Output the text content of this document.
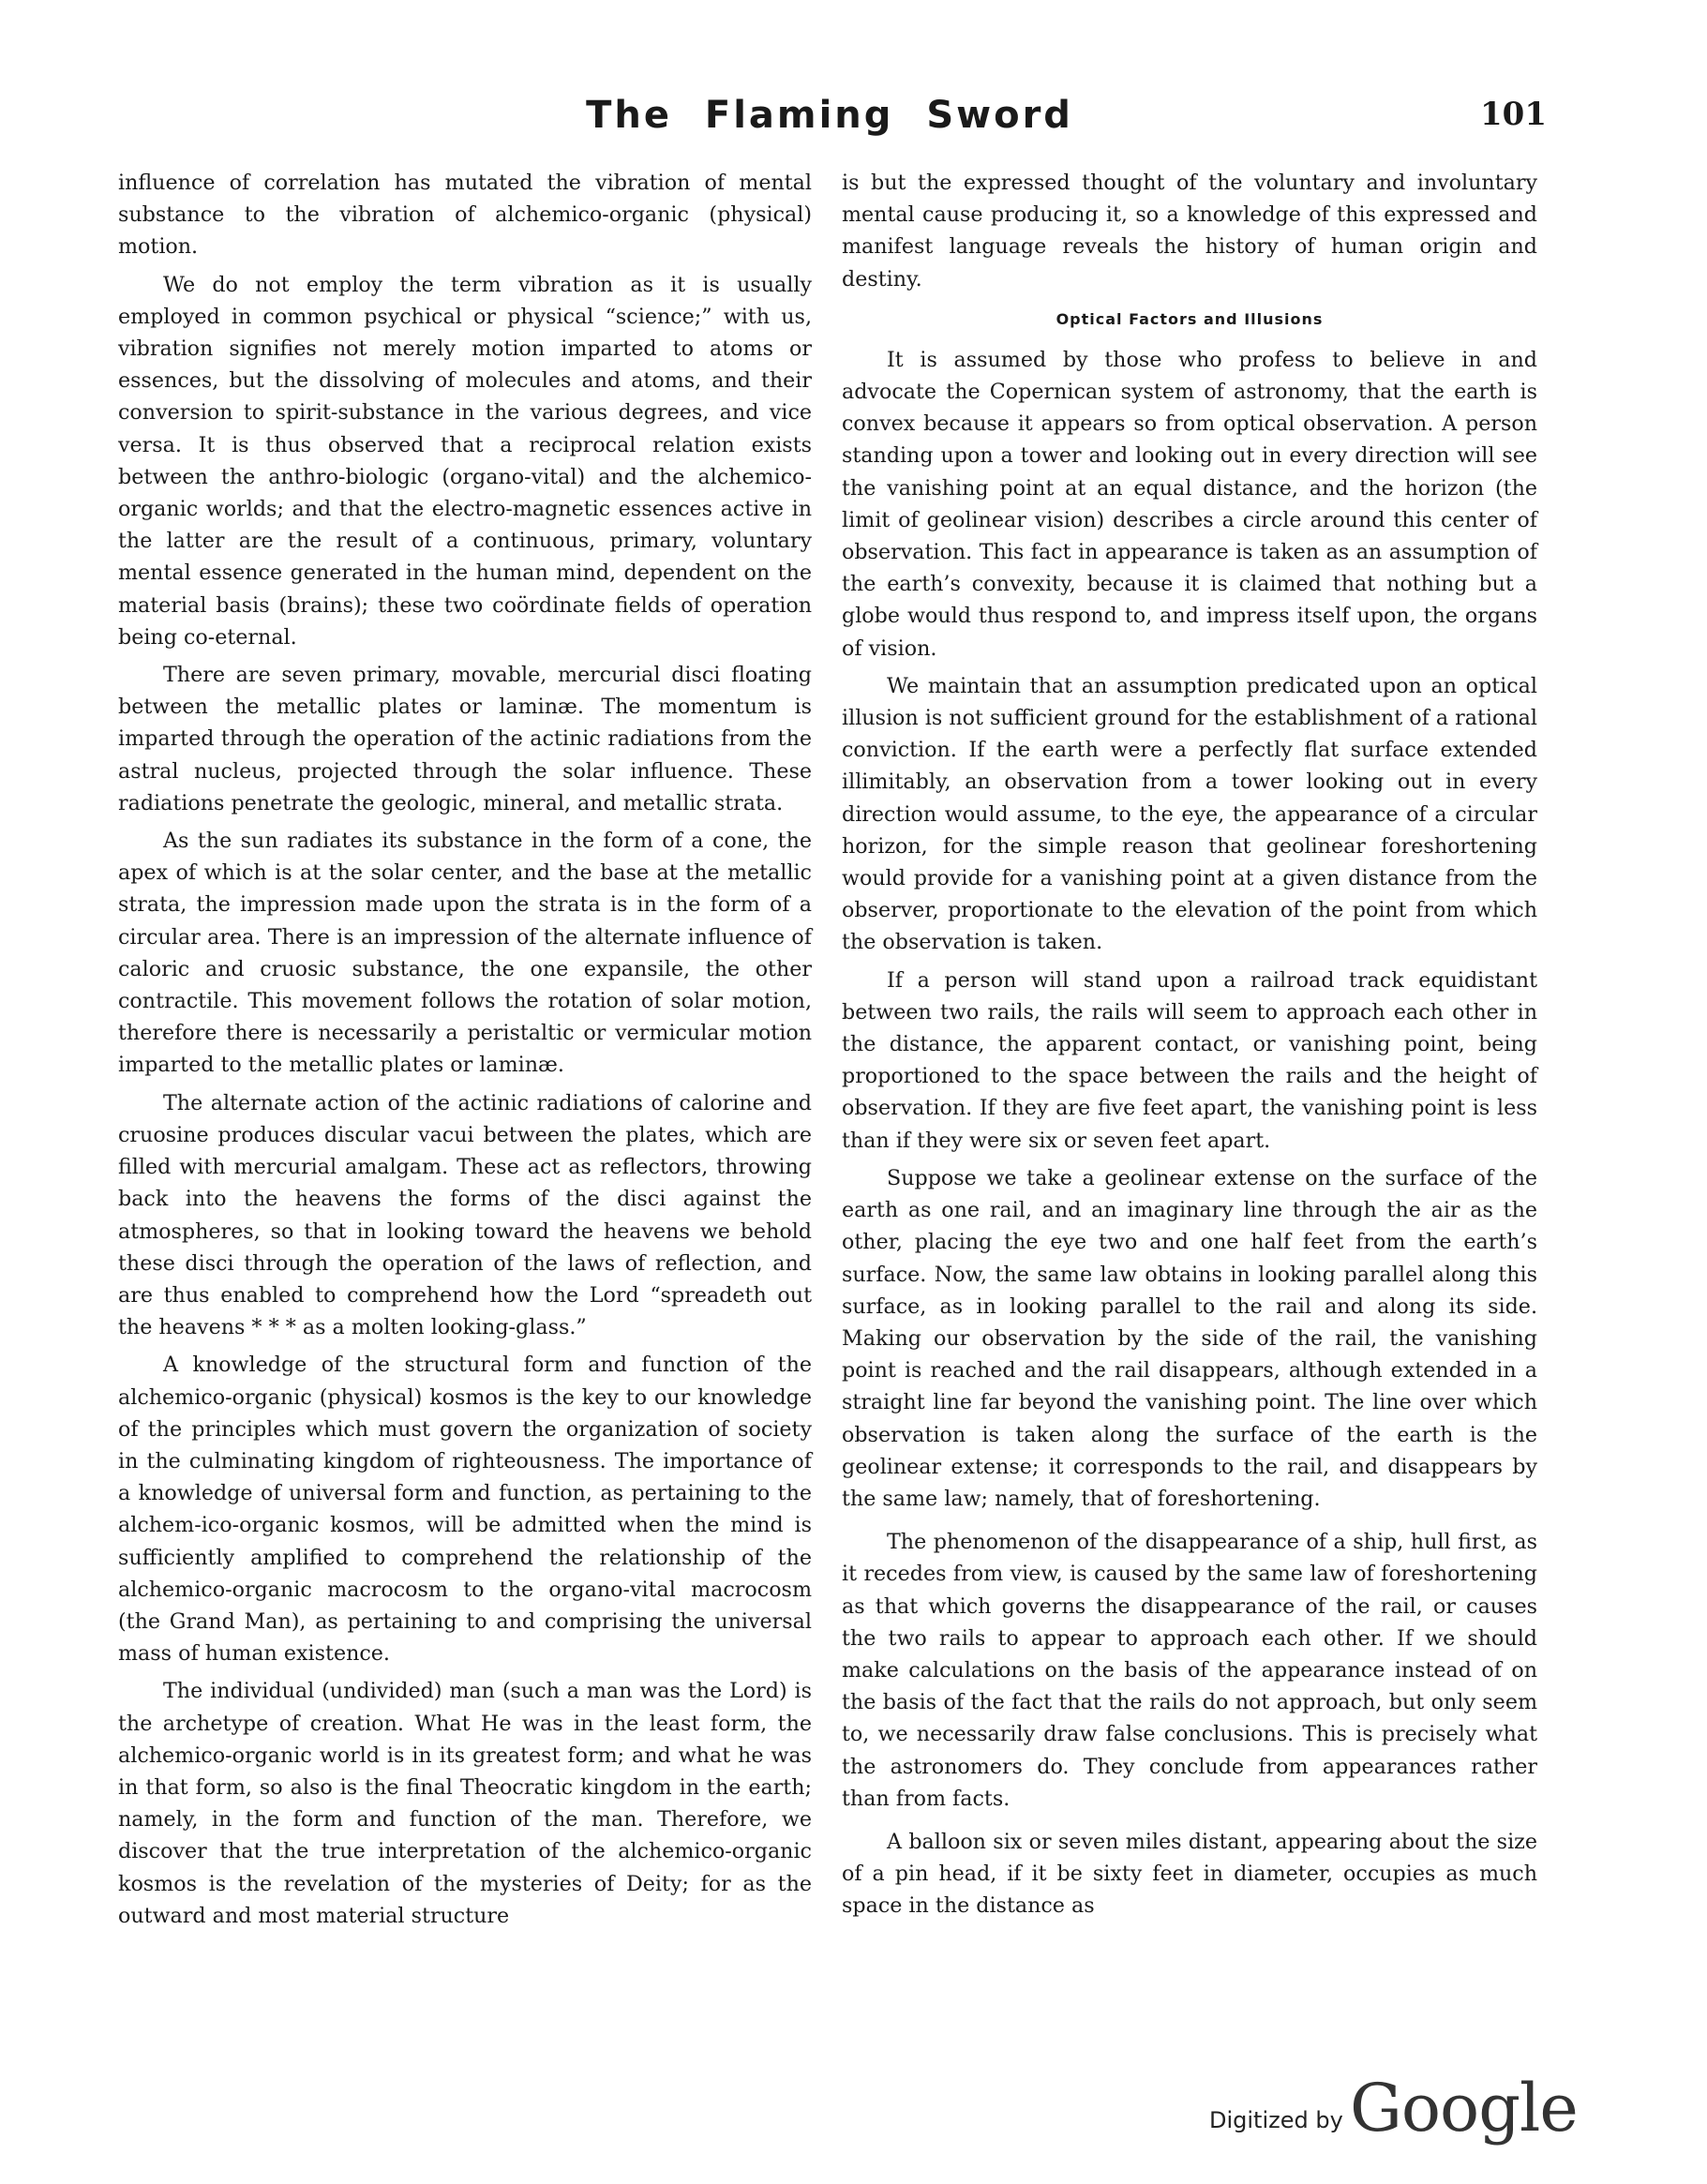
The Flaming Sword	101

influence of correlation has mutated the vibration of mental substance to the vibration of alchemico-organic (physical) motion.

We do not employ the term vibration as it is usually employed in common psychical or physical “science;” with us, vibration signifies not merely motion imparted to atoms or essences, but the dissolving of molecules and atoms, and their conversion to spirit-substance in the various degrees, and vice versa. It is thus observed that a reciprocal relation exists between the anthro-biologic (organo-vital) and the alchemico-organic worlds; and that the electro-magnetic essences active in the latter are the result of a continuous, primary, voluntary mental essence generated in the human mind, dependent on the material basis (brains); these two coördinate fields of operation being co-eternal.

There are seven primary, movable, mercurial disci floating between the metallic plates or laminæ. The momentum is imparted through the operation of the actinic radiations from the astral nucleus, projected through the solar influence. These radiations penetrate the geologic, mineral, and metallic strata.

As the sun radiates its substance in the form of a cone, the apex of which is at the solar center, and the base at the metallic strata, the impression made upon the strata is in the form of a circular area. There is an impression of the alternate influence of caloric and cruosic substance, the one expansile, the other contractile. This movement follows the rotation of solar motion, therefore there is necessarily a peristaltic or vermicular motion imparted to the metallic plates or laminæ.

The alternate action of the actinic radiations of calorine and cruosine produces discular vacui between the plates, which are filled with mercurial amalgam. These act as reflectors, throwing back into the heavens the forms of the disci against the atmospheres, so that in looking toward the heavens we behold these disci through the operation of the laws of reflection, and are thus enabled to comprehend how the Lord “spreadeth out the heavens * * * as a molten looking-glass.”

A knowledge of the structural form and function of the alchemico-organic (physical) kosmos is the key to our knowledge of the principles which must govern the organization of society in the culminating kingdom of righteousness. The importance of a knowledge of universal form and function, as pertaining to the alchem-ico-organic kosmos, will be admitted when the mind is sufficiently amplified to comprehend the relationship of the alchemico-organic macrocosm to the organo-vital macrocosm (the Grand Man), as pertaining to and comprising the universal mass of human existence.

The individual (undivided) man (such a man was the Lord) is the archetype of creation. What He was in the least form, the alchemico-organic world is in its greatest form; and what he was in that form, so also is the final Theocratic kingdom in the earth; namely, in the form and function of the man. Therefore, we discover that the true interpretation of the alchemico-organic kosmos is the revelation of the mysteries of Deity; for as the outward and most material structure

is but the expressed thought of the voluntary and involuntary mental cause producing it, so a knowledge of this expressed and manifest language reveals the history of human origin and destiny.

Optical Factors and Illusions

It is assumed by those who profess to believe in and advocate the Copernican system of astronomy, that the earth is convex because it appears so from optical observation. A person standing upon a tower and looking out in every direction will see the vanishing point at an equal distance, and the horizon (the limit of geolinear vision) describes a circle around this center of observation. This fact in appearance is taken as an assumption of the earth’s convexity, because it is claimed that nothing but a globe would thus respond to, and impress itself upon, the organs of vision.

We maintain that an assumption predicated upon an optical illusion is not sufficient ground for the establishment of a rational conviction. If the earth were a perfectly flat surface extended illimitably, an observation from a tower looking out in every direction would assume, to the eye, the appearance of a circular horizon, for the simple reason that geolinear foreshortening would provide for a vanishing point at a given distance from the observer, proportionate to the elevation of the point from which the observation is taken.

If a person will stand upon a railroad track equidistant between two rails, the rails will seem to approach each other in the distance, the apparent contact, or vanishing point, being proportioned to the space between the rails and the height of observation. If they are five feet apart, the vanishing point is less than if they were six or seven feet apart.

Suppose we take a geolinear extense on the surface of the earth as one rail, and an imaginary line through the air as the other, placing the eye two and one half feet from the earth’s surface. Now, the same law obtains in looking parallel along this surface, as in looking parallel to the rail and along its side. Making our observation by the side of the rail, the vanishing point is reached and the rail disappears, although extended in a straight line far beyond the vanishing point. The line over which observation is taken along the surface of the earth is the geolinear extense; it corresponds to the rail, and disappears by the same law; namely, that of foreshortening.

The phenomenon of the disappearance of a ship, hull first, as it recedes from view, is caused by the same law of foreshortening as that which governs the disappearance of the rail, or causes the two rails to appear to approach each other. If we should make calculations on the basis of the appearance instead of on the basis of the fact that the rails do not approach, but only seem to, we necessarily draw false conclusions. This is precisely what the astronomers do. They conclude from appearances rather than from facts.

A balloon six or seven miles distant, appearing about the size of a pin head, if it be sixty feet in diameter, occupies as much space in the distance as

Digitized by Google
